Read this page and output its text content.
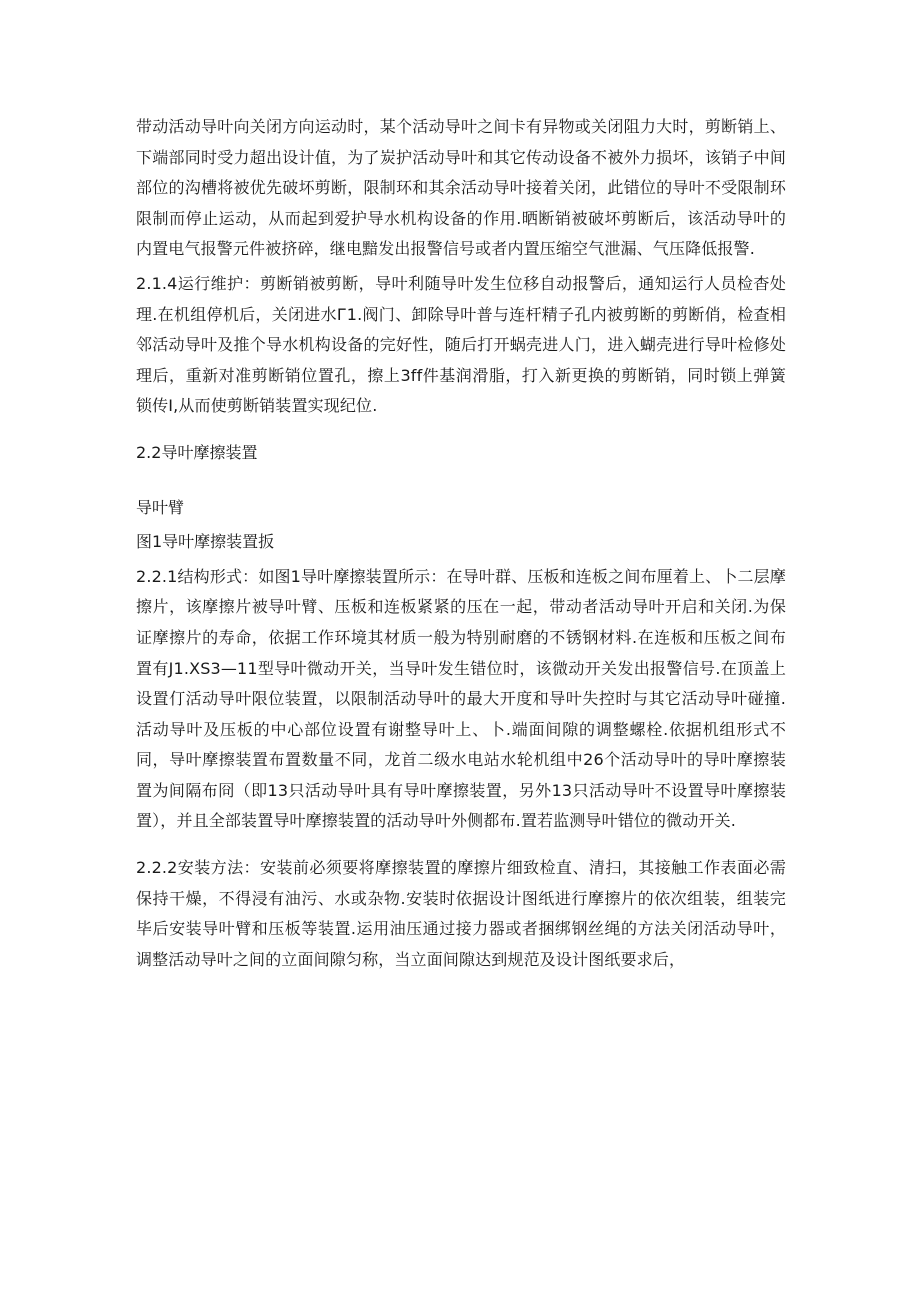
带动活动导叶向关闭方向运动时，某个活动导叶之间卡有异物或关闭阻力大时，剪断销上、下端部同时受力超出设计值，为了炭护活动导叶和其它传动设备不被外力损坏，该销子中间部位的沟槽将被优先破坏剪断，限制环和其余活动导叶接着关闭，此错位的导叶不受限制环限制而停止运动，从而起到爱护导水机构设备的作用.晒断销被破坏剪断后，该活动导叶的内置电气报警元件被挤碎，继电黯发出报警信号或者内置压缩空气泄漏、气压降低报警.

2.1.4运行维护：剪断销被剪断，导叶利随导叶发生位移自动报警后，通知运行人员检杳处理.在机组停机后，关闭进水Г1.阀门、卸除导叶普与连杆精子孔内被剪断的剪断俏，检查相邻活动导叶及推个导水机构设备的完好性，随后打开蜗壳进人门，进入蝴壳进行导叶检修处理后，重新对准剪断销位置孔，擦上3ff件基润滑脂，打入新更换的剪断销，同时锁上弹簧锁传I,从而使剪断销装置实现纪位.

2.2导叶摩擦装置

导叶臂

图1导叶摩擦装置扳

2.2.1结构形式：如图1导叶摩擦装置所示：在导叶群、压板和连板之间布厘着上、卜二层摩擦片，该摩擦片被导叶臂、压板和连板紧紧的压在一起，带动者活动导叶开启和关闭.为保证摩擦片的寿命，依据工作环境其材质一般为特别耐磨的不锈钢材料.在连板和压板之间布置有J1.XS3—11型导叶微动开关，当导叶发生错位时，该微动开关发出报警信号.在顶盖上设置仃活动导叶限位装置，以限制活动导叶的最大开度和导叶失控时与其它活动导叶碰撞.活动导叶及压板的中心部位设置有谢整导叶上、卜.端面间隙的调整螺栓.依据机组形式不同，导叶摩擦装置布置数量不同，龙首二级水电站水轮机组中26个活动导叶的导叶摩擦装置为间隔布冏（即13只活动导叶具有导叶摩擦装置，另外13只活动导叶不设置导叶摩擦装置），并且全部装置导叶摩擦装置的活动导叶外侧都布.置若监测导叶错位的微动开关.

2.2.2安装方法：安装前必须要将摩擦装置的摩擦片细致检直、清扫，其接触工作表面必需保持干燥，不得浸有油污、水或杂物.安装时依据设计图纸进行摩擦片的依次组装，组装完毕后安装导叶臂和压板等装置.运用油压通过接力器或者捆绑钢丝绳的方法关闭活动导叶，调整活动导叶之间的立面间隙匀称，当立面间隙达到规范及设计图纸要求后，
